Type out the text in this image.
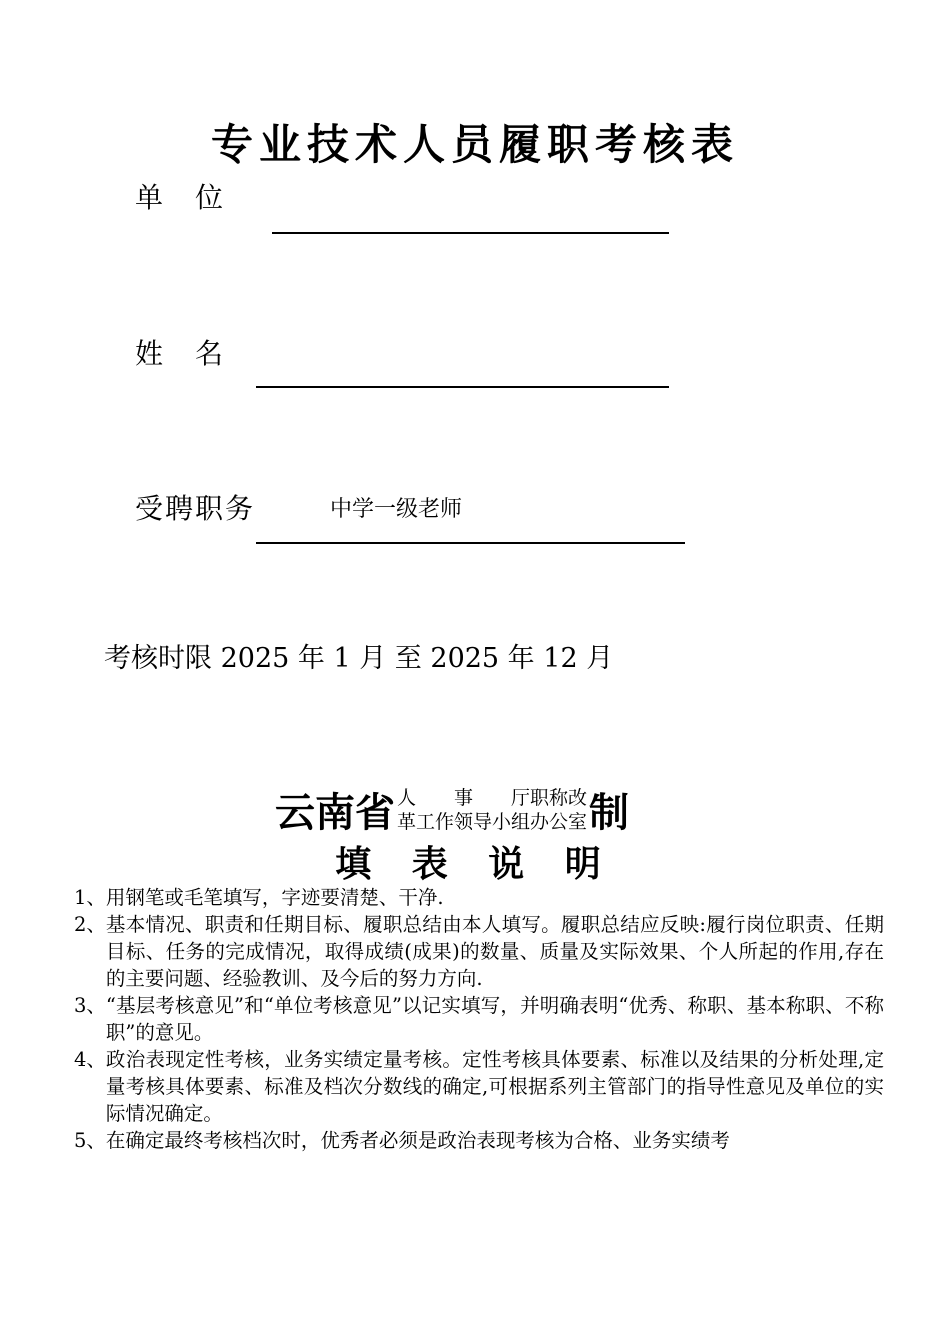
专业技术人员履职考核表
单　位
姓　名
受聘职务	中学一级老师
考核时限 2025 年 1 月 至 2025 年 12 月
云南省 人　　事　　厅职称改
革工作领导小组办公室 制
填 表 说 明
1、 用钢笔或毛笔填写，字迹要清楚、干净.
2、 基本情况、职责和任期目标、履职总结由本人填写。履职总结应反映:履行岗位职责、任期目标、任务的完成情况，取得成绩(成果)的数量、质量及实际效果、个人所起的作用,存在的主要问题、经验教训、及今后的努力方向.
3、 “基层考核意见”和“单位考核意见”以记实填写，并明确表明“优秀、称职、基本称职、不称职”的意见。
4、 政治表现定性考核，业务实绩定量考核。定性考核具体要素、标准以及结果的分析处理,定量考核具体要素、标准及档次分数线的确定,可根据系列主管部门的指导性意见及单位的实际情况确定。
5、 在确定最终考核档次时，优秀者必须是政治表现考核为合格、业务实绩考
